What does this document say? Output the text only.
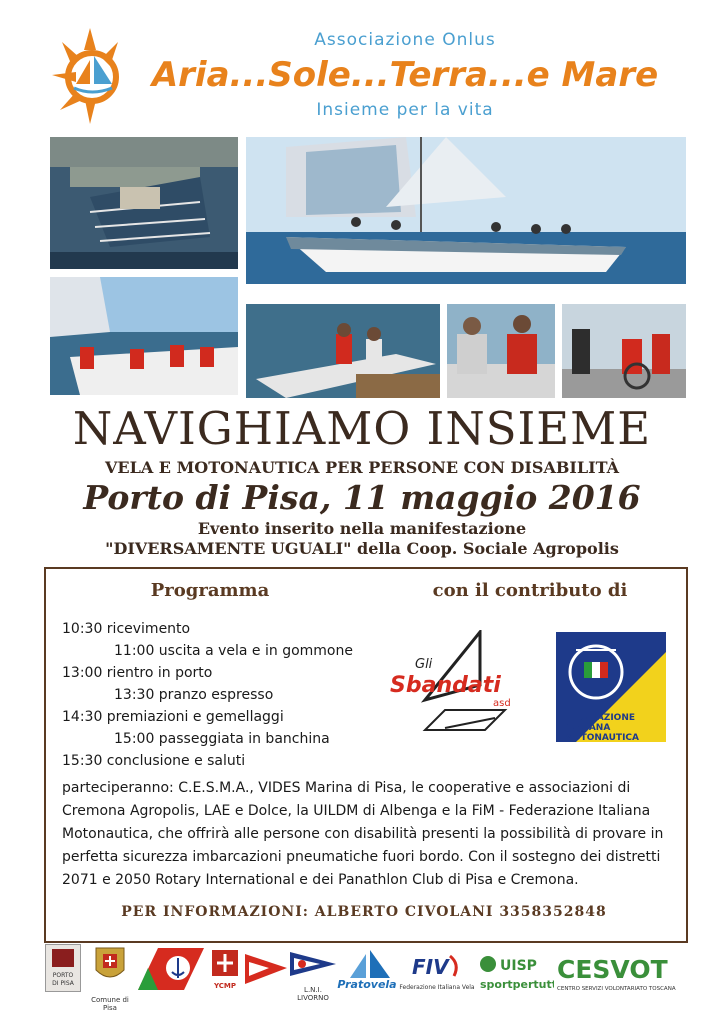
Associazione Onlus
Aria...Sole...Terra...e Mare
Insieme per la vita
NAVIGHIAMO INSIEME
VELA E MOTONAUTICA PER PERSONE CON DISABILITÀ
Porto di Pisa, 11 maggio 2016
Evento inserito nella manifestazione
"DIVERSAMENTE UGUALI" della Coop. Sociale Agropolis
Programma	con il contributo di
10:30 ricevimento
11:00 uscita a vela e in gommone
13:00 rientro in porto
13:30 pranzo espresso
14:30 premiazioni e gemellaggi
15:00 passeggiata in banchina
15:30 conclusione e saluti
Gli
Sbandati
asd
FEDERAZIONE
ITALIANA
MOTONAUTICA
parteciperanno: C.E.S.M.A., VIDES Marina di Pisa, le cooperative e associazioni di Cremona Agropolis, LAE e Dolce, la UILDM di Albenga e la FiM - Federazione Italiana Motonautica, che offrirà alle persone con disabilità presenti la possibilità di provare in perfetta sicurezza imbarcazioni pneumatiche fuori bordo. Con il sostegno dei distretti 2071 e 2050 Rotary International e dei Panathlon Club di Pisa e Cremona.
PER INFORMAZIONI: ALBERTO CIVOLANI 3358352848
PORTO
DI PISA
Comune di Pisa
YCMP	L.N.I. LIVORNO
Pratovela
FIV
Federazione Italiana Vela
UISP
sportpertutti
CESVOT
CENTRO SERVIZI VOLONTARIATO TOSCANA
